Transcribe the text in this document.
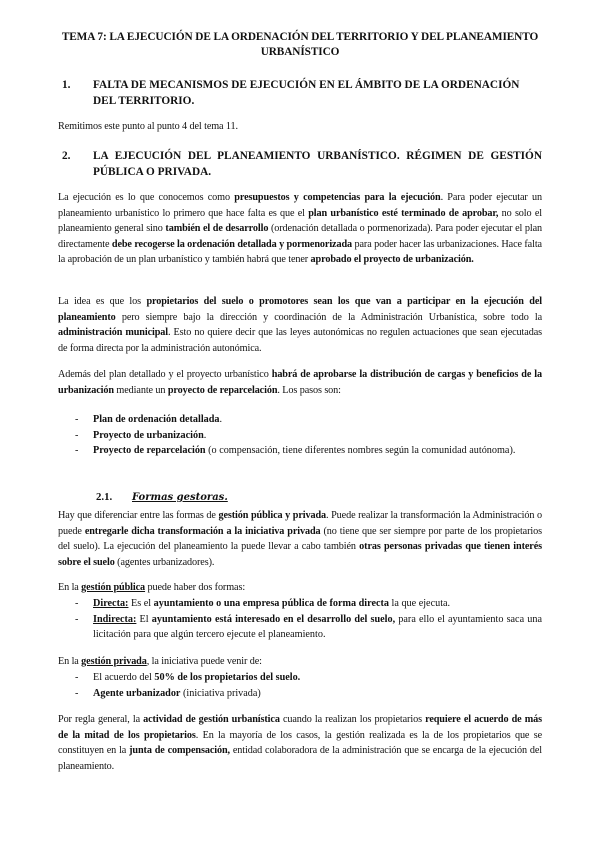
TEMA 7: LA EJECUCIÓN DE LA ORDENACIÓN DEL TERRITORIO Y DEL PLANEAMIENTO URBANÍSTICO
1. FALTA DE MECANISMOS DE EJECUCIÓN EN EL ÁMBITO DE LA ORDENACIÓN DEL TERRITORIO.
Remitimos este punto al punto 4 del tema 11.
2. LA EJECUCIÓN DEL PLANEAMIENTO URBANÍSTICO. RÉGIMEN DE GESTIÓN PÚBLICA O PRIVADA.
La ejecución es lo que conocemos como presupuestos y competencias para la ejecución. Para poder ejecutar un planeamiento urbanístico lo primero que hace falta es que el plan urbanístico esté terminado de aprobar, no solo el planeamiento general sino también el de desarrollo (ordenación detallada o pormenorizada). Para poder ejecutar el plan directamente debe recogerse la ordenación detallada y pormenorizada para poder hacer las urbanizaciones. Hace falta la aprobación de un plan urbanístico y también habrá que tener aprobado el proyecto de urbanización.
La idea es que los propietarios del suelo o promotores sean los que van a participar en la ejecución del planeamiento pero siempre bajo la dirección y coordinación de la Administración Urbanística, sobre todo la administración municipal. Esto no quiere decir que las leyes autonómicas no regulen actuaciones que sean ejecutadas de forma directa por la administración autonómica.
Además del plan detallado y el proyecto urbanístico habrá de aprobarse la distribución de cargas y beneficios de la urbanización mediante un proyecto de reparcelación. Los pasos son:
- Plan de ordenación detallada.
- Proyecto de urbanización.
- Proyecto de reparcelación (o compensación, tiene diferentes nombres según la comunidad autónoma).
2.1. Formas gestoras.
Hay que diferenciar entre las formas de gestión pública y privada. Puede realizar la transformación la Administración o puede entregarle dicha transformación a la iniciativa privada (no tiene que ser siempre por parte de los propietarios del suelo). La ejecución del planeamiento la puede llevar a cabo también otras personas privadas que tienen interés sobre el suelo (agentes urbanizadores).
En la gestión pública puede haber dos formas:
- Directa: Es el ayuntamiento o una empresa pública de forma directa la que ejecuta.
- Indirecta: El ayuntamiento está interesado en el desarrollo del suelo, para ello el ayuntamiento saca una licitación para que algún tercero ejecute el planeamiento.
En la gestión privada, la iniciativa puede venir de:
- El acuerdo del 50% de los propietarios del suelo.
- Agente urbanizador (iniciativa privada)
Por regla general, la actividad de gestión urbanística cuando la realizan los propietarios requiere el acuerdo de más de la mitad de los propietarios. En la mayoría de los casos, la gestión realizada es la de los propietarios que se constituyen en la junta de compensación, entidad colaboradora de la administración que se encarga de la ejecución del planeamiento.
